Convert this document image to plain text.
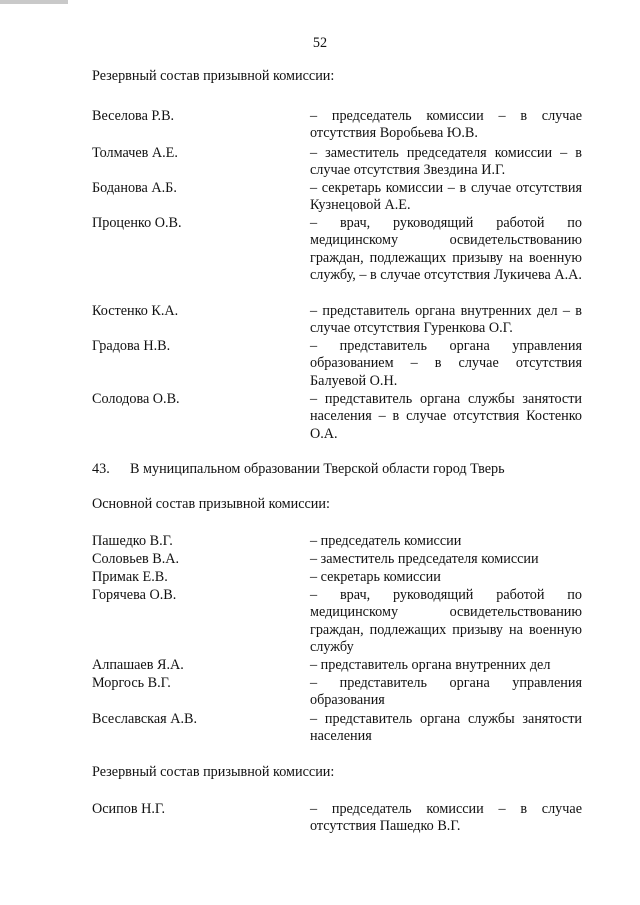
52
Резервный состав призывной комиссии:
Веселова Р.В.	– председатель комиссии – в случае отсутствия Воробьева Ю.В.
Толмачев А.Е.	– заместитель председателя комиссии – в случае отсутствия Звездина И.Г.
Боданова А.Б.	– секретарь комиссии – в случае отсутствия Кузнецовой А.Е.
Проценко О.В.	– врач, руководящий работой по медицинскому освидетельствованию граждан, подлежащих призыву на военную службу, – в случае отсутствия Лукичева А.А.
Костенко К.А.	– представитель органа внутренних дел – в случае отсутствия Гуренкова О.Г.
Градова Н.В.	– представитель органа управления образованием – в случае отсутствия Балуевой О.Н.
Солодова О.В.	– представитель органа службы занятости населения – в случае отсутствия Костенко О.А.
43. В муниципальном образовании Тверской области город Тверь
Основной состав призывной комиссии:
Пашедко В.Г.	– председатель комиссии
Соловьев В.А.	– заместитель председателя комиссии
Примак Е.В.	– секретарь комиссии
Горячева О.В.	– врач, руководящий работой по медицинскому освидетельствованию граждан, подлежащих призыву на военную службу
Алпашаев Я.А.	– представитель органа внутренних дел
Моргось В.Г.	– представитель органа управления образования
Всеславская А.В.	– представитель органа службы занятости населения
Резервный состав призывной комиссии:
Осипов Н.Г.	– председатель комиссии – в случае отсутствия Пашедко В.Г.
